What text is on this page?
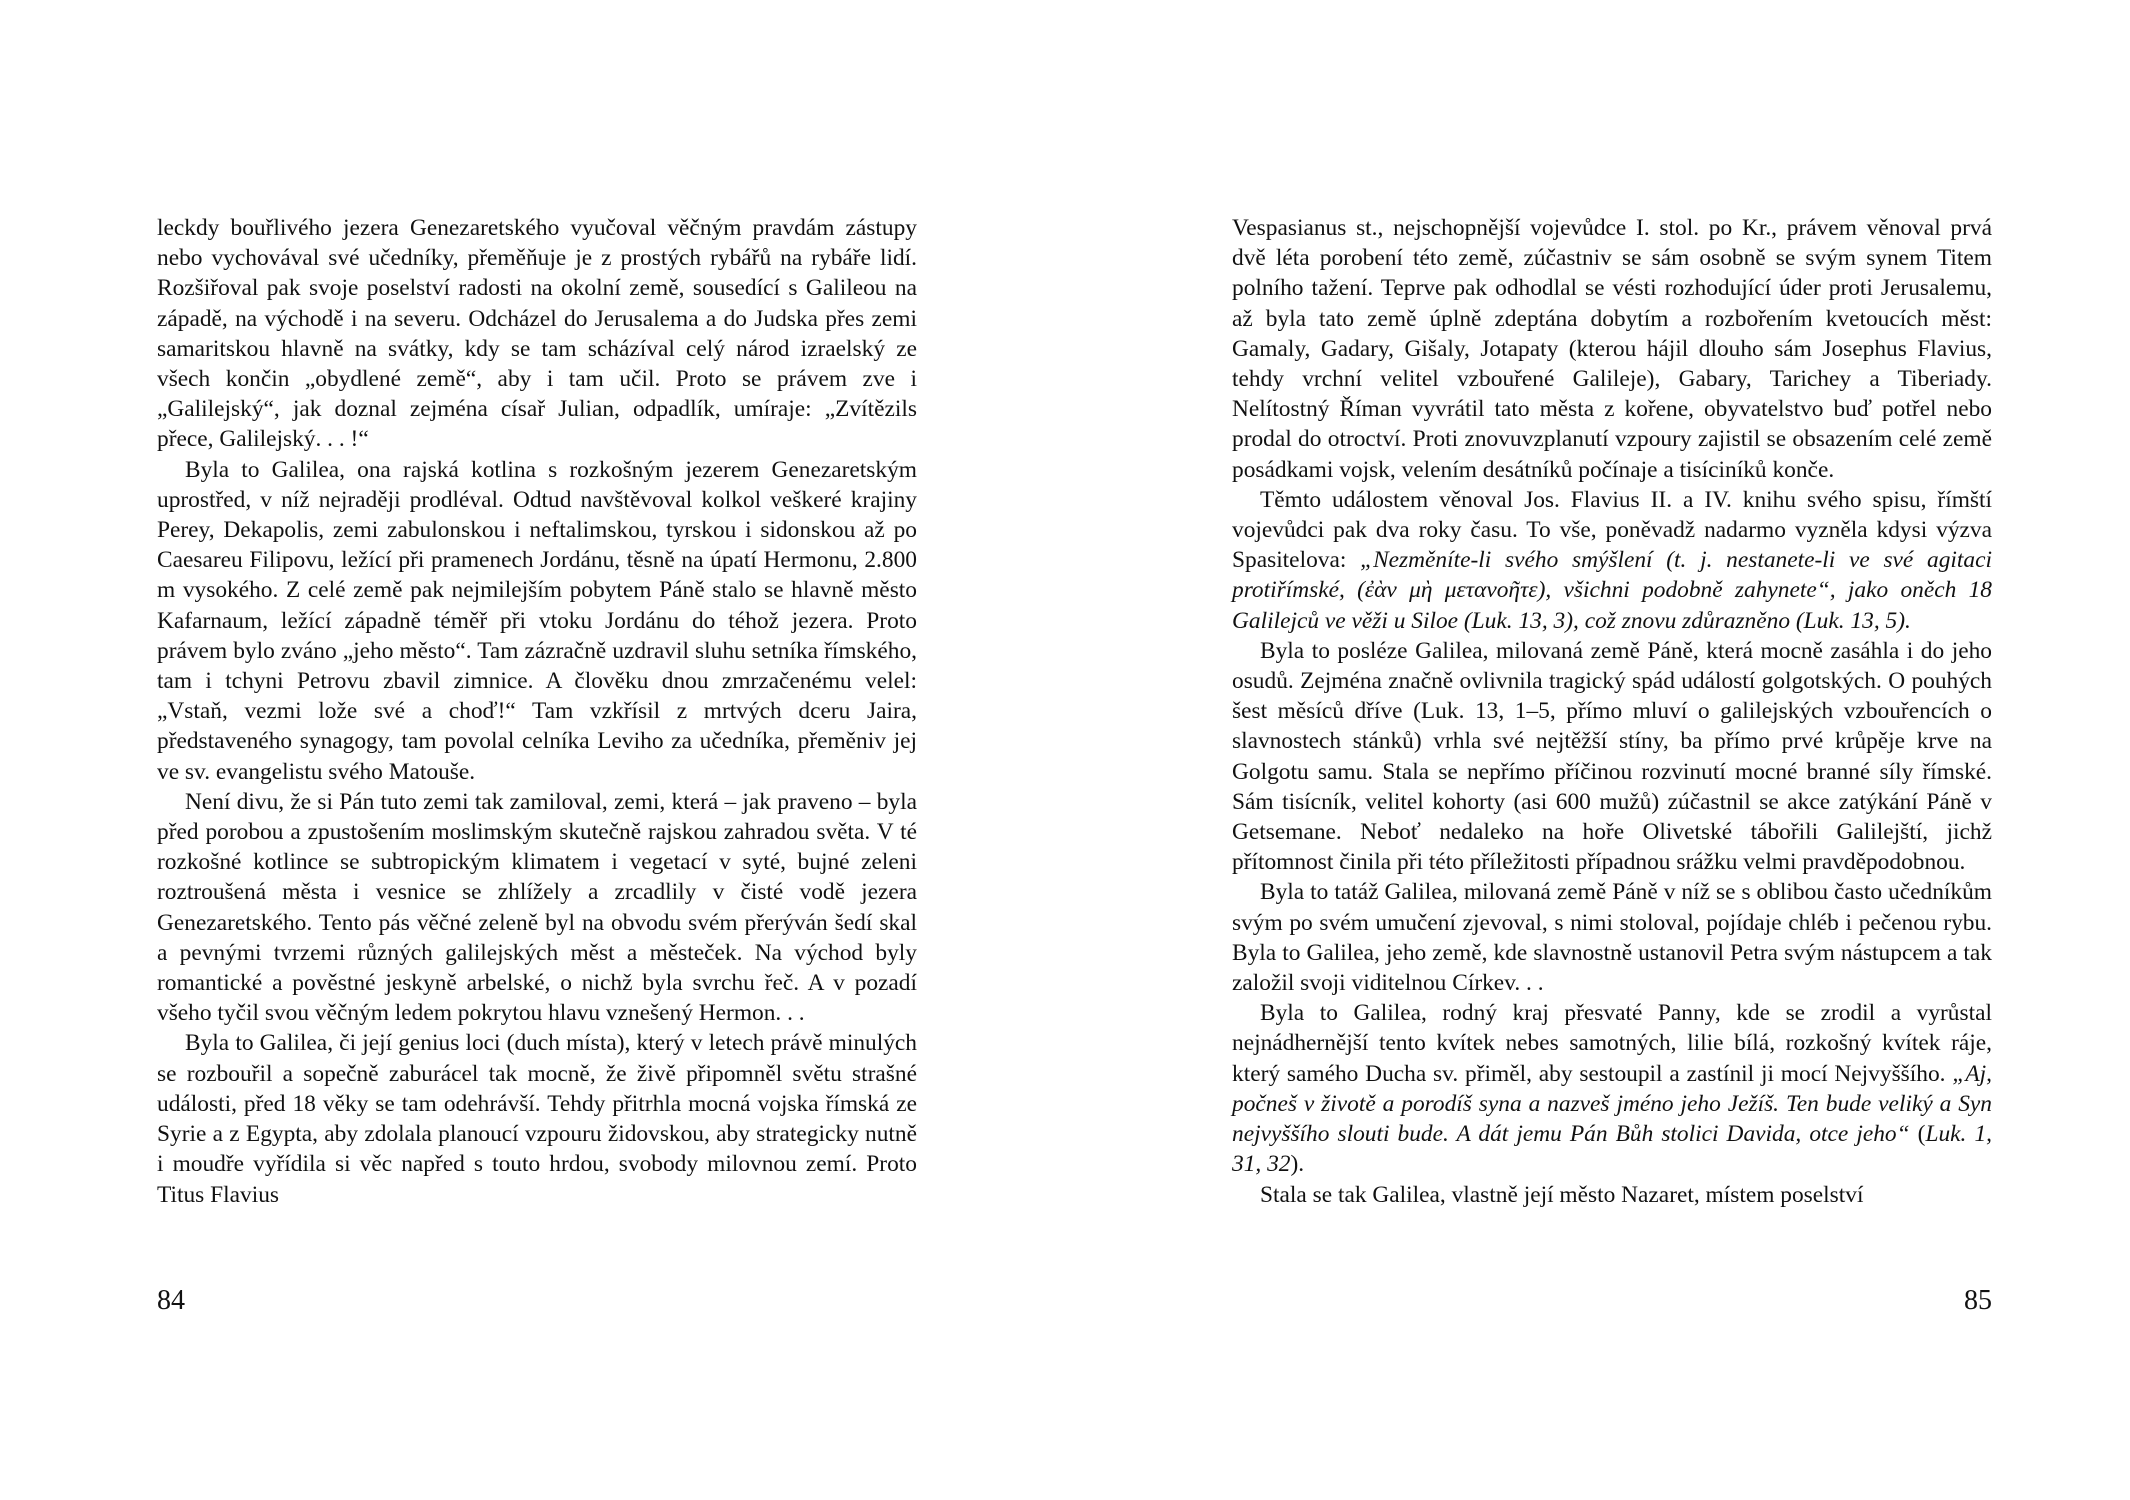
leckdy bouřlivého jezera Genezaretského vyučoval věčným pravdám zástupy nebo vychovával své učedníky, přeměňuje je z prostých rybářů na rybáře lidí. Rozšiřoval pak svoje poselství radosti na okolní země, sousedící s Galileou na západě, na východě i na severu. Odcházel do Jerusalema a do Judska přes zemi samaritskou hlavně na svátky, kdy se tam scházíval celý národ izraelský ze všech končin „obydlené země“, aby i tam učil. Proto se právem zve i „Galilejský“, jak doznal zejména císař Julian, odpadlík, umíraje: „Zvítězils přece, Galilejský. . . !“

Byla to Galilea, ona rajská kotlina s rozkošným jezerem Genezaretským uprostřed, v níž nejraději prodléval. Odtud navštěvoval kolkol veškeré krajiny Perey, Dekapolis, zemi zabulonskou i neftalimskou, tyrskou i sidonskou až po Caesareu Filipovu, ležící při pramenech Jordánu, těsně na úpatí Hermonu, 2.800 m vysokého. Z celé země pak nejmilejším pobytem Páně stalo se hlavně město Kafarnaum, ležící západně téměř při vtoku Jordánu do téhož jezera. Proto právem bylo zváno „jeho město“. Tam zázračně uzdravil sluhu setníka římského, tam i tchyni Petrovu zbavil zimnice. A člověku dnou zmrzačenému velel: „Vstaň, vezmi lože své a choď!“ Tam vzkřísil z mrtvých dceru Jaira, představeného synagogy, tam povolal celníka Leviho za učedníka, přeměniv jej ve sv. evangelistu svého Matouše.

Není divu, že si Pán tuto zemi tak zamiloval, zemi, která – jak praveno – byla před porobou a zpustošením moslimským skutečně rajskou zahradou světa. V té rozkošné kotlince se subtropickým klimatem i vegetací v syté, bujné zeleni roztroušená města i vesnice se zhlížely a zrcadlily v čisté vodě jezera Genezaretského. Tento pás věčné zeleně byl na obvodu svém přerýván šedí skal a pevnými tvrzemi různých galilejských měst a městeček. Na východ byly romantické a pověstné jeskyně arbelské, o nichž byla svrchu řeč. A v pozadí všeho tyčil svou věčným ledem pokrytou hlavu vznešený Hermon. . .

Byla to Galilea, či její genius loci (duch místa), který v letech právě minulých se rozbouřil a sopečně zaburácel tak mocně, že živě připomněl světu strašné události, před 18 věky se tam odehrávší. Tehdy přitrhla mocná vojska římská ze Syrie a z Egypta, aby zdolala planoucí vzpouru židovskou, aby strategicky nutně i moudře vyřídila si věc napřed s touto hrdou, svobody milovnou zemí. Proto Titus Flavius

84

Vespasianus st., nejschopnější vojevůdce I. stol. po Kr., právem věnoval prvá dvě léta porobení této země, zúčastniv se sám osobně se svým synem Titem polního tažení. Teprve pak odhodlal se vésti rozhodující úder proti Jerusalemu, až byla tato země úplně zdeptána dobytím a rozbořením kvetoucích měst: Gamaly, Gadary, Gišaly, Jotapaty (kterou hájil dlouho sám Josephus Flavius, tehdy vrchní velitel vzbouřené Galileje), Gabary, Tarichey a Tiberiady. Nelítostný Říman vyvrátil tato města z kořene, obyvatelstvo buď potřel nebo prodal do otroctví. Proti znovuvzplanutí vzpoury zajistil se obsazením celé země posádkami vojsk, velením desátníků počínaje a tisíciníků konče.

Těmto událostem věnoval Jos. Flavius II. a IV. knihu svého spisu, římští vojevůdci pak dva roky času. To vše, poněvadž nadarmo vyzněla kdysi výzva Spasitelova: „Nezměníte-li svého smýšlení (t. j. nestanete-li ve své agitaci protiřímské, (ἐὰν μὴ μετανοῆτε), všichni podobně zahynete“, jako oněch 18 Galilejců ve věži u Siloe (Luk. 13, 3), což znovu zdůrazněno (Luk. 13, 5).

Byla to posléze Galilea, milovaná země Páně, která mocně zasáhla i do jeho osudů. Zejména značně ovlivnila tragický spád událostí golgotských. O pouhých šest měsíců dříve (Luk. 13, 1–5, přímo mluví o galilejských vzbouřencích o slavnostech stánků) vrhla své nejtěžší stíny, ba přímo prvé krůpěje krve na Golgotu samu. Stala se nepřímo příčinou rozvinutí mocné branné síly římské. Sám tisícník, velitel kohorty (asi 600 mužů) zúčastnil se akce zatýkání Páně v Getsemane. Neboť nedaleko na hoře Olivetské tábořili Galilejští, jichž přítomnost činila při této příležitosti případnou srážku velmi pravděpodobnou.

Byla to tatáž Galilea, milovaná země Páně v níž se s oblibou často učedníkům svým po svém umučení zjevoval, s nimi stoloval, pojídaje chléb i pečenou rybu. Byla to Galilea, jeho země, kde slavnostně ustanovil Petra svým nástupcem a tak založil svoji viditelnou Církev. . .

Byla to Galilea, rodný kraj přesvaté Panny, kde se zrodil a vyrůstal nejnádhernější tento kvítek nebes samotných, lilie bílá, rozkošný kvítek ráje, který samého Ducha sv. přiměl, aby sestoupil a zastínil ji mocí Nejvyššího. „Aj, počneš v životě a porodíš syna a nazveš jméno jeho Ježíš. Ten bude veliký a Syn nejvyššího slouti bude. A dát jemu Pán Bůh stolici Davida, otce jeho“ (Luk. 1, 31, 32).

Stala se tak Galilea, vlastně její město Nazaret, místem poselství

85
